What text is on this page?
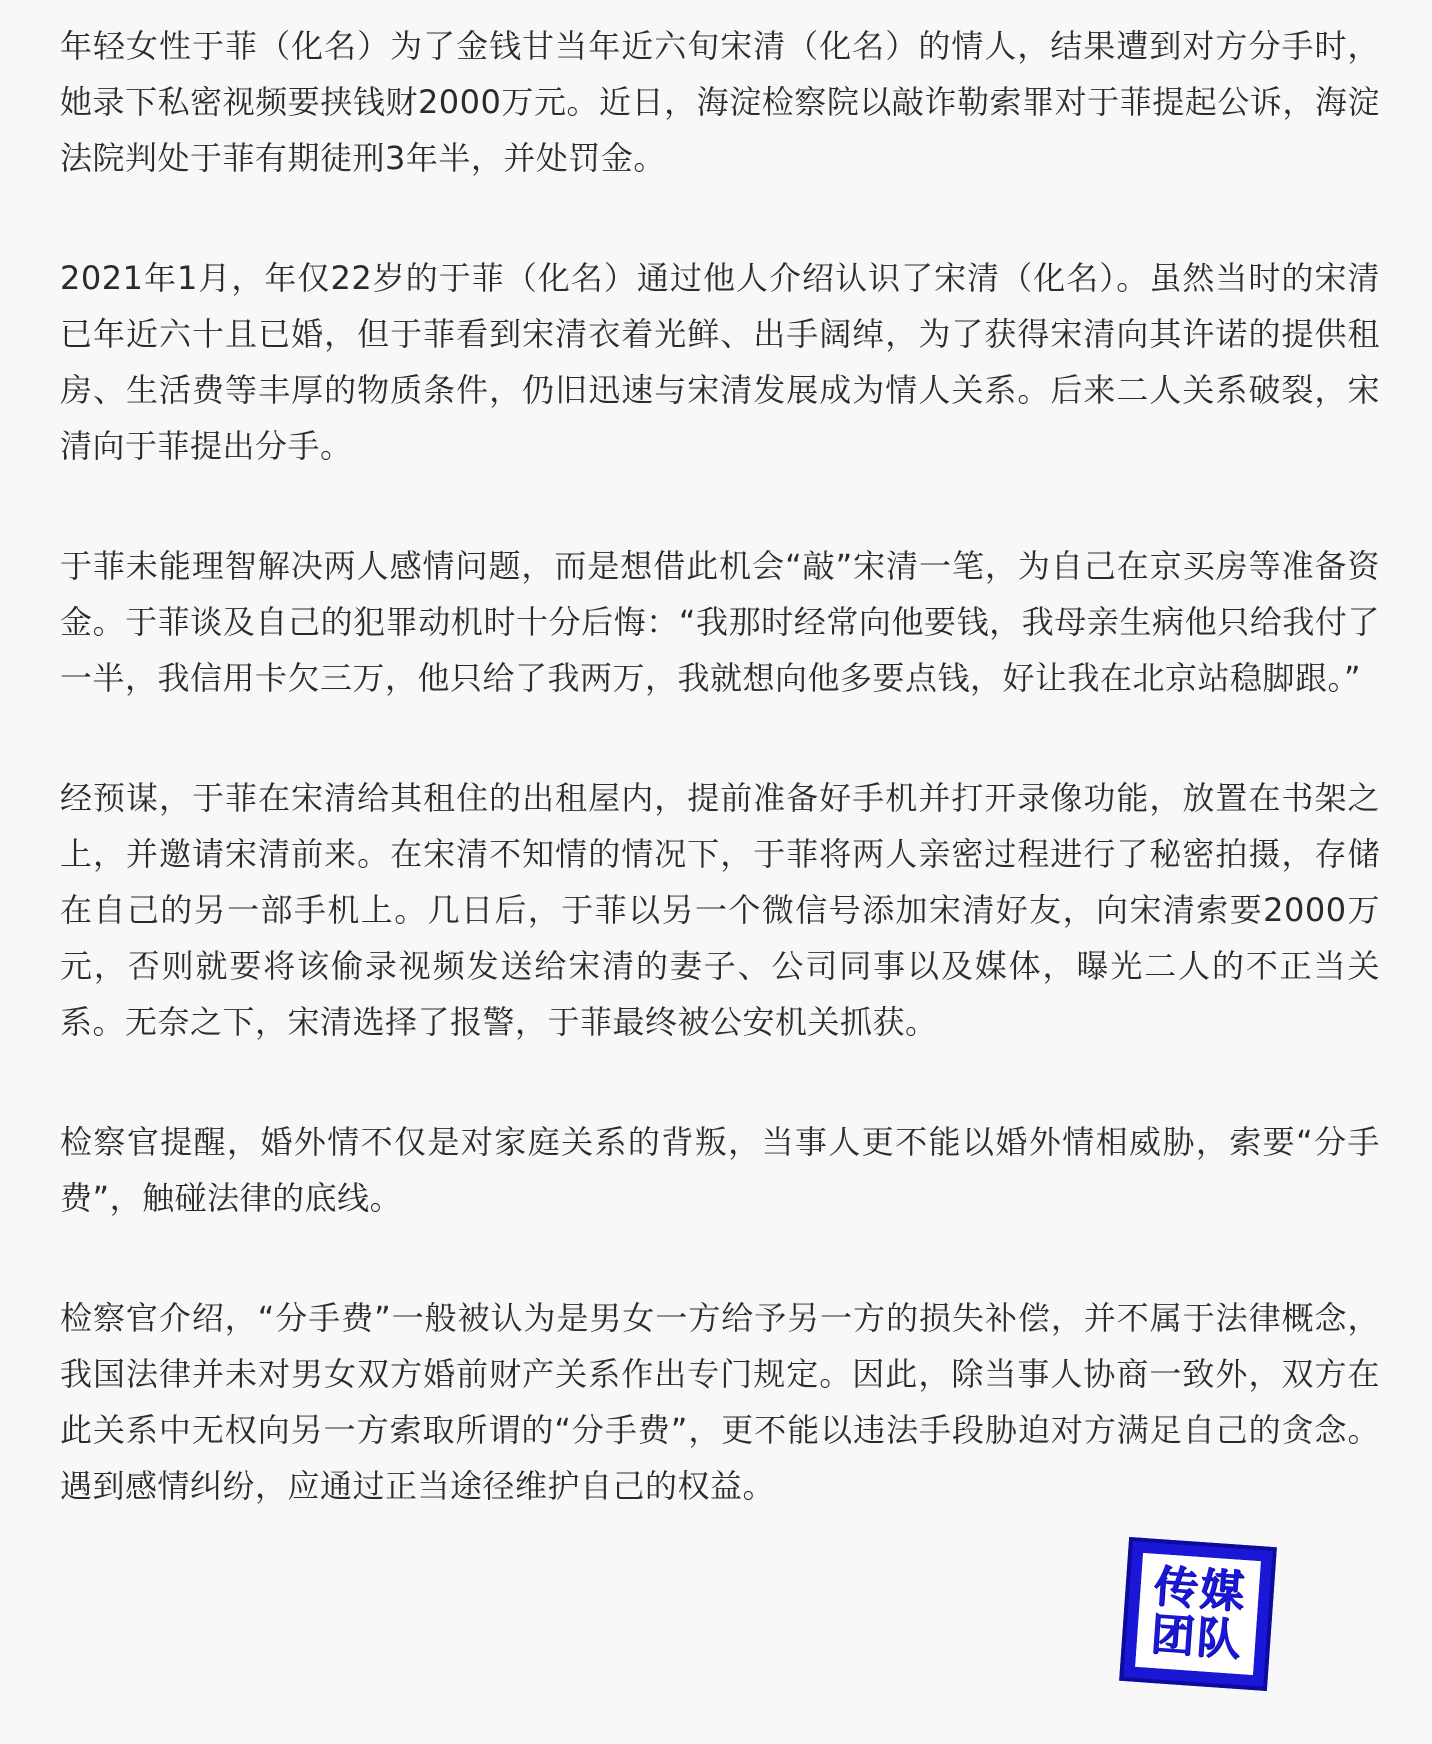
年轻女性于菲（化名）为了金钱甘当年近六旬宋清（化名）的情人，结果遭到对方分手时，她录下私密视频要挟钱财2000万元。近日，海淀检察院以敲诈勒索罪对于菲提起公诉，海淀法院判处于菲有期徒刑3年半，并处罚金。

2021年1月，年仅22岁的于菲（化名）通过他人介绍认识了宋清（化名）。虽然当时的宋清已年近六十且已婚，但于菲看到宋清衣着光鲜、出手阔绰，为了获得宋清向其许诺的提供租房、生活费等丰厚的物质条件，仍旧迅速与宋清发展成为情人关系。后来二人关系破裂，宋清向于菲提出分手。

于菲未能理智解决两人感情问题，而是想借此机会“敲”宋清一笔，为自己在京买房等准备资金。于菲谈及自己的犯罪动机时十分后悔：“我那时经常向他要钱，我母亲生病他只给我付了一半，我信用卡欠三万，他只给了我两万，我就想向他多要点钱，好让我在北京站稳脚跟。”

经预谋，于菲在宋清给其租住的出租屋内，提前准备好手机并打开录像功能，放置在书架之上，并邀请宋清前来。在宋清不知情的情况下，于菲将两人亲密过程进行了秘密拍摄，存储在自己的另一部手机上。几日后，于菲以另一个微信号添加宋清好友，向宋清索要2000万元，否则就要将该偷录视频发送给宋清的妻子、公司同事以及媒体，曝光二人的不正当关系。无奈之下，宋清选择了报警，于菲最终被公安机关抓获。

检察官提醒，婚外情不仅是对家庭关系的背叛，当事人更不能以婚外情相威胁，索要“分手费”，触碰法律的底线。

检察官介绍，“分手费”一般被认为是男女一方给予另一方的损失补偿，并不属于法律概念，我国法律并未对男女双方婚前财产关系作出专门规定。因此，除当事人协商一致外，双方在此关系中无权向另一方索取所谓的“分手费”，更不能以违法手段胁迫对方满足自己的贪念。遇到感情纠纷，应通过正当途径维护自己的权益。

传媒
团队
